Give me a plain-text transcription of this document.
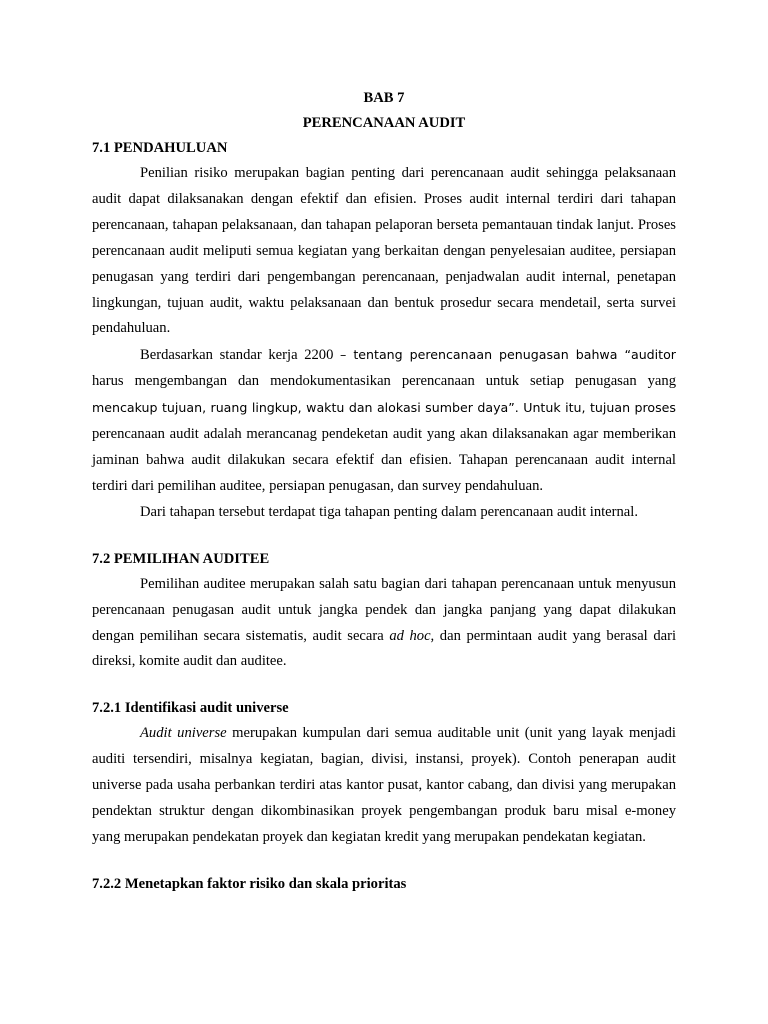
BAB 7

PERENCANAAN AUDIT

7.1 PENDAHULUAN

Penilian risiko merupakan bagian penting dari perencanaan audit sehingga pelaksanaan audit dapat dilaksanakan dengan efektif dan efisien. Proses audit internal terdiri dari tahapan perencanaan, tahapan pelaksanaan, dan tahapan pelaporan berseta pemantauan tindak lanjut. Proses perencanaan audit meliputi semua kegiatan yang berkaitan dengan penyelesaian auditee, persiapan penugasan yang terdiri dari pengembangan perencanaan, penjadwalan audit internal, penetapan lingkungan, tujuan audit, waktu pelaksanaan dan bentuk prosedur secara mendetail, serta survei pendahuluan.

Berdasarkan standar kerja 2200 – tentang perencanaan penugasan bahwa “auditor harus mengembangan dan mendokumentasikan perencanaan untuk setiap penugasan yang mencakup tujuan, ruang lingkup, waktu dan alokasi sumber daya”. Untuk itu, tujuan proses perencanaan audit adalah merancanag pendeketan audit yang akan dilaksanakan agar memberikan jaminan bahwa audit dilakukan secara efektif dan efisien. Tahapan perencanaan audit internal terdiri dari pemilihan auditee, persiapan penugasan, dan survey pendahuluan.

Dari tahapan tersebut terdapat tiga tahapan penting dalam perencanaan audit internal.

7.2 PEMILIHAN AUDITEE

Pemilihan auditee merupakan salah satu bagian dari tahapan perencanaan untuk menyusun perencanaan penugasan audit untuk jangka pendek dan jangka panjang yang dapat dilakukan dengan pemilihan secara sistematis, audit secara ad hoc, dan permintaan audit yang berasal dari direksi, komite audit dan auditee.

7.2.1 Identifikasi audit universe

Audit universe merupakan kumpulan dari semua auditable unit (unit yang layak menjadi auditi tersendiri, misalnya kegiatan, bagian, divisi, instansi, proyek). Contoh penerapan audit universe pada usaha perbankan terdiri atas kantor pusat, kantor cabang, dan divisi yang merupakan pendektan struktur dengan dikombinasikan proyek pengembangan produk baru misal e-money yang merupakan pendekatan proyek dan kegiatan kredit yang merupakan pendekatan kegiatan.

7.2.2 Menetapkan faktor risiko dan skala prioritas
